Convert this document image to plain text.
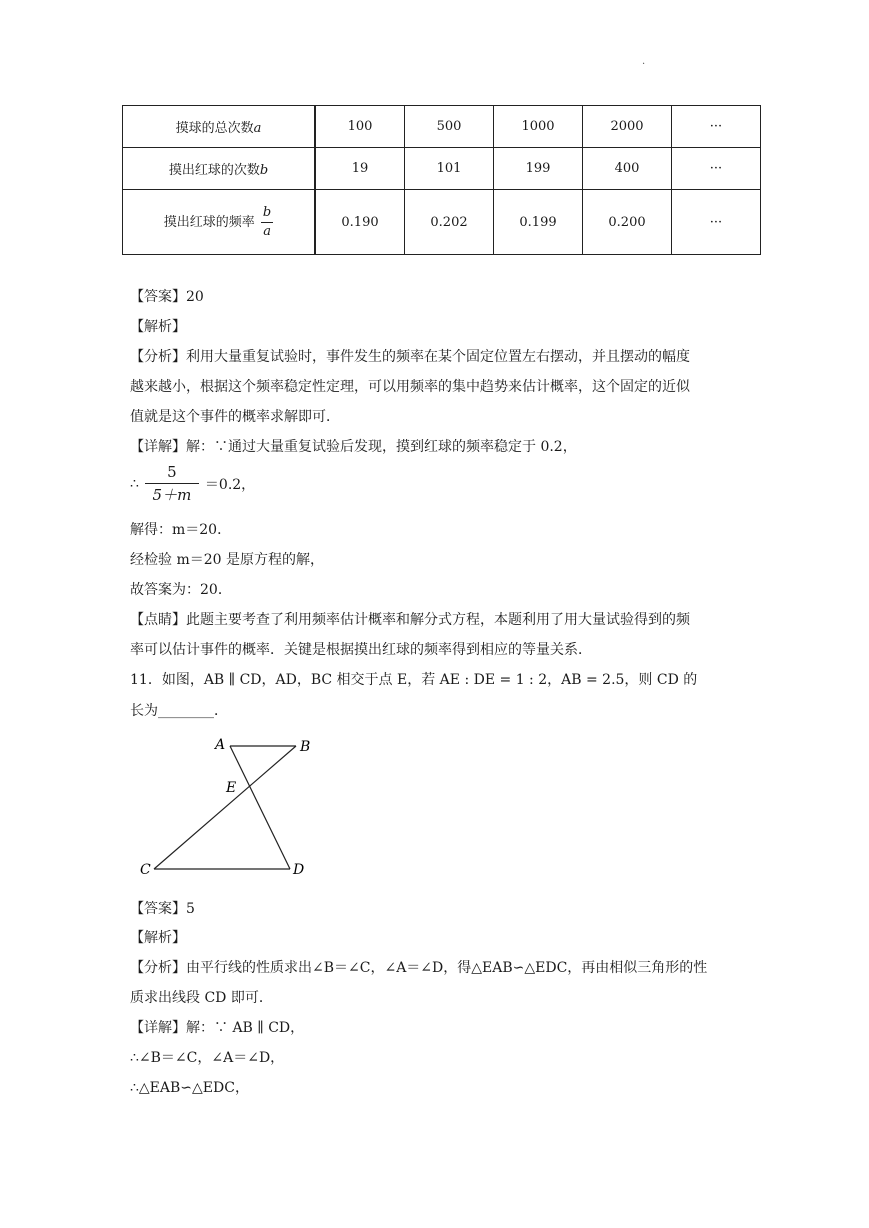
.
摸球的总次数a	100	500	1000	2000	···
摸出红球的次数b	19	101	199	400	···
摸出红球的频率 $\frac{b}{a}$	0.190	0.202	0.199	0.200	···
【答案】20
【解析】
【分析】利用大量重复试验时，事件发生的频率在某个固定位置左右摆动，并且摆动的幅度
越来越小，根据这个频率稳定性定理，可以用频率的集中趋势来估计概率，这个固定的近似
值就是这个事件的概率求解即可．
【详解】解：∵通过大量重复试验后发现，摸到红球的频率稳定于 0.2，
∴
5
5＋m
＝0.2，
解得：m＝20．
经检验 m＝20 是原方程的解，
故答案为：20．
【点睛】此题主要考查了利用频率估计概率和解分式方程，本题利用了用大量试验得到的频
率可以估计事件的概率．关键是根据摸出红球的频率得到相应的等量关系．
11．如图，AB ∥ CD，AD，BC 相交于点 E，若 AE : DE = 1 : 2，AB = 2.5，则 CD 的
长为________．
A	B
E
C	D
【答案】5
【解析】
【分析】由平行线的性质求出∠B＝∠C，∠A＝∠D，得△EAB∽△EDC，再由相似三角形的性
质求出线段 CD 即可．
【详解】解：∵ AB ∥ CD，
∴∠B＝∠C，∠A＝∠D，
∴△EAB∽△EDC，
